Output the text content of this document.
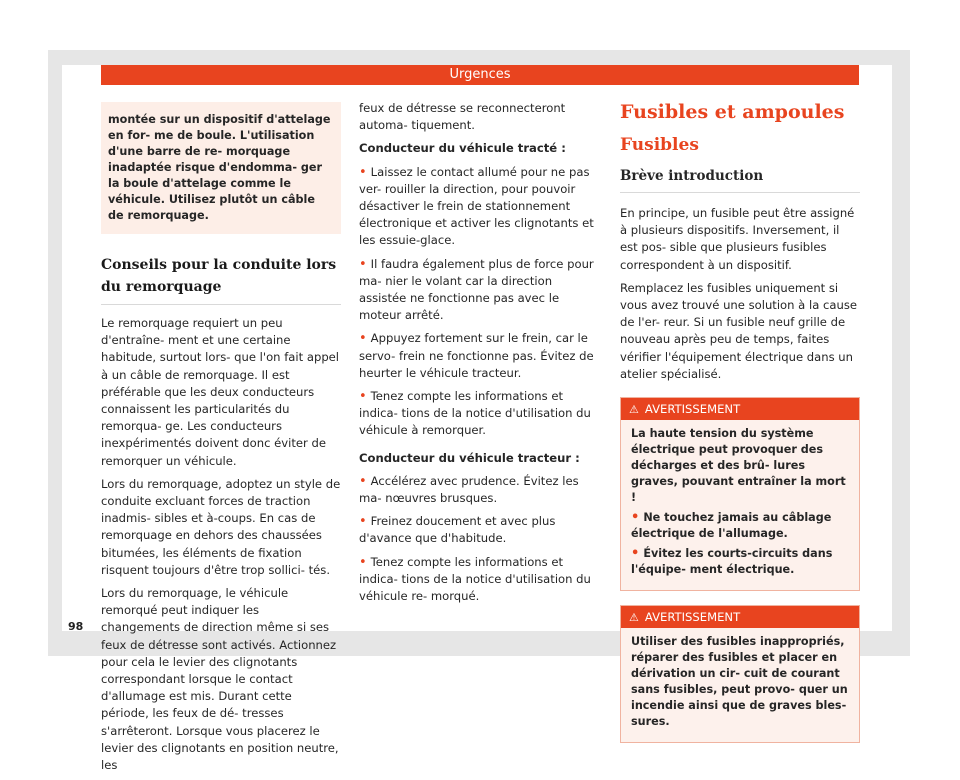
Urgences
montée sur un dispositif d'attelage en for- me de boule. L'utilisation d'une barre de re- morquage inadaptée risque d'endomma- ger la boule d'attelage comme le véhicule. Utilisez plutôt un câble de remorquage.
Conseils pour la conduite lors du remorquage

Le remorquage requiert un peu d'entraîne- ment et une certaine habitude, surtout lors- que l'on fait appel à un câble de remorquage. Il est préférable que les deux conducteurs connaissent les particularités du remorqua- ge. Les conducteurs inexpérimentés doivent donc éviter de remorquer un véhicule.

Lors du remorquage, adoptez un style de conduite excluant forces de traction inadmis- sibles et à-coups. En cas de remorquage en dehors des chaussées bitumées, les éléments de fixation risquent toujours d'être trop sollici- tés.

Lors du remorquage, le véhicule remorqué peut indiquer les changements de direction même si ses feux de détresse sont activés. Actionnez pour cela le levier des clignotants correspondant lorsque le contact d'allumage est mis. Durant cette période, les feux de dé- tresses s'arrêteront. Lorsque vous placerez le levier des clignotants en position neutre, les

feux de détresse se reconnecteront automa- tiquement.

Conducteur du véhicule tracté :

• Laissez le contact allumé pour ne pas ver- rouiller la direction, pour pouvoir désactiver le frein de stationnement électronique et activer les clignotants et les essuie-glace.

• Il faudra également plus de force pour ma- nier le volant car la direction assistée ne fonctionne pas avec le moteur arrêté.

• Appuyez fortement sur le frein, car le servo- frein ne fonctionne pas. Évitez de heurter le véhicule tracteur.

• Tenez compte les informations et indica- tions de la notice d'utilisation du véhicule à remorquer.

Conducteur du véhicule tracteur :

• Accélérez avec prudence. Évitez les ma- nœuvres brusques.

• Freinez doucement et avec plus d'avance que d'habitude.

• Tenez compte les informations et indica- tions de la notice d'utilisation du véhicule re- morqué.

Fusibles et ampoules
Fusibles
Brève introduction

En principe, un fusible peut être assigné à plusieurs dispositifs. Inversement, il est pos- sible que plusieurs fusibles correspondent à un dispositif.

Remplacez les fusibles uniquement si vous avez trouvé une solution à la cause de l'er- reur. Si un fusible neuf grille de nouveau après peu de temps, faites vérifier l'équipement électrique dans un atelier spécialisé.

⚠ AVERTISSEMENT

La haute tension du système électrique peut provoquer des décharges et des brû- lures graves, pouvant entraîner la mort !

• Ne touchez jamais au câblage électrique de l'allumage.

• Évitez les courts-circuits dans l'équipe- ment électrique.

⚠ AVERTISSEMENT

Utiliser des fusibles inappropriés, réparer des fusibles et placer en dérivation un cir- cuit de courant sans fusibles, peut provo- quer un incendie ainsi que de graves bles- sures.

98
